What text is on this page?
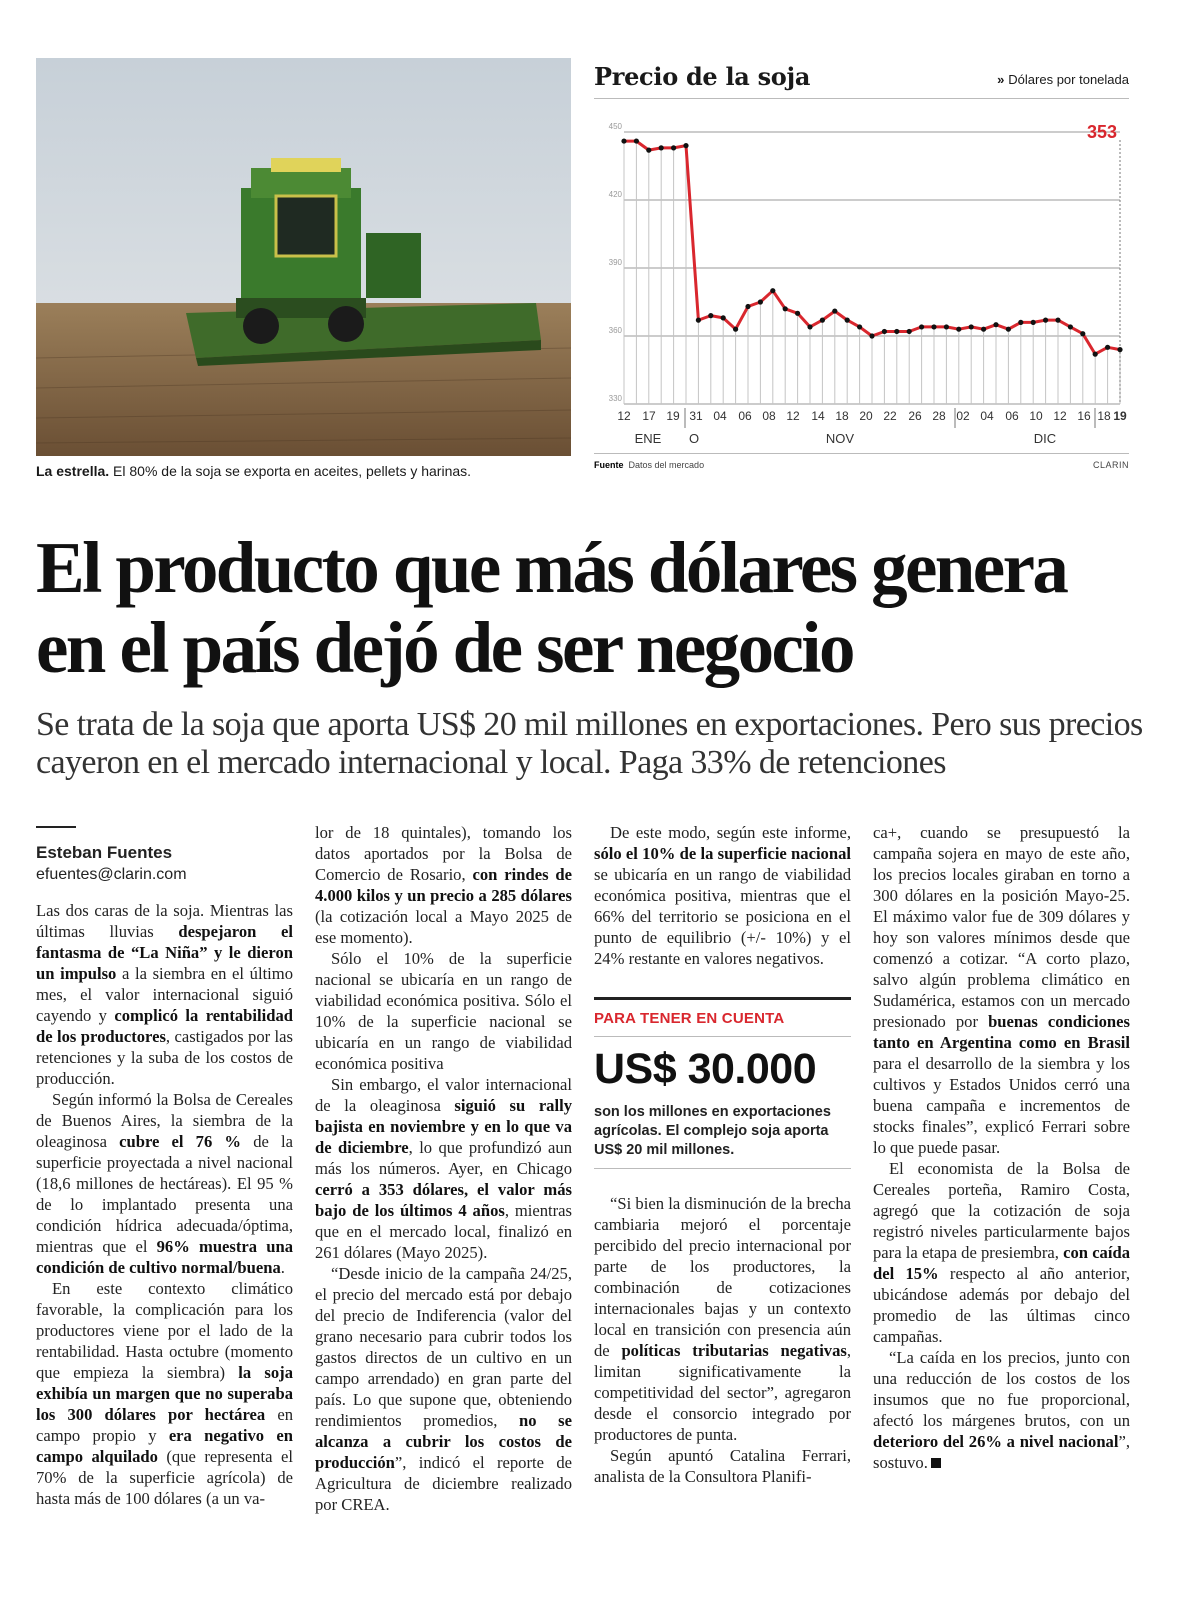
La estrella. El 80% de la soja se exporta en aceites, pellets y harinas.
Precio de la soja	» Dólares por tonelada
330
360
390
420
450
12 17 19 31 04 06 08 12 14 18 20 22 26 28 02 04 06 10 12 16 18 19
ENE O	NOV	DIC
353
Fuente Datos del mercado	CLARIN
El producto que más dólares genera
en el país dejó de ser negocio
Se trata de la soja que aporta US$ 20 mil millones en exportaciones. Pero sus precios cayeron en el mercado internacional y local. Paga 33% de retenciones
Esteban Fuentes
efuentes@clarin.com

Las dos caras de la soja. Mientras las últimas lluvias despejaron el fantasma de “La Niña” y le dieron un impulso a la siembra en el último mes, el valor internacional siguió cayendo y complicó la rentabilidad de los productores, castigados por las retenciones y la suba de los costos de producción.

Según informó la Bolsa de Cereales de Buenos Aires, la siembra de la oleaginosa cubre el 76 % de la superficie proyectada a nivel nacional (18,6 millones de hectáreas). El 95 % de lo implantado presenta una condición hídrica adecuada/óptima, mientras que el 96% muestra una condición de cultivo normal/buena.

En este contexto climático favorable, la complicación para los productores viene por el lado de la rentabilidad. Hasta octubre (momento que empieza la siembra) la soja exhibía un margen que no superaba los 300 dólares por hectárea en campo propio y era negativo en campo alquilado (que representa el 70% de la superficie agrícola) de hasta más de 100 dólares (a un va-

lor de 18 quintales), tomando los datos aportados por la Bolsa de Comercio de Rosario, con rindes de 4.000 kilos y un precio a 285 dólares (la cotización local a Mayo 2025 de ese momento).

Sólo el 10% de la superficie nacional se ubicaría en un rango de viabilidad económica positiva. Sólo el 10% de la superficie nacional se ubicaría en un rango de viabilidad económica positiva

Sin embargo, el valor internacional de la oleaginosa siguió su rally bajista en noviembre y en lo que va de diciembre, lo que profundizó aun más los números. Ayer, en Chicago cerró a 353 dólares, el valor más bajo de los últimos 4 años, mientras que en el mercado local, finalizó en 261 dólares (Mayo 2025).

“Desde inicio de la campaña 24/25, el precio del mercado está por debajo del precio de Indiferencia (valor del grano necesario para cubrir todos los gastos directos de un cultivo en un campo arrendado) en gran parte del país. Lo que supone que, obteniendo rendimientos promedios, no se alcanza a cubrir los costos de producción”, indicó el reporte de Agricultura de diciembre realizado por CREA.

De este modo, según este informe, sólo el 10% de la superficie nacional se ubicaría en un rango de viabilidad económica positiva, mientras que el 66% del territorio se posiciona en el punto de equilibrio (+/- 10%) y el 24% restante en valores negativos.

PARA TENER EN CUENTA
US$ 30.000
son los millones en exportaciones agrícolas. El complejo soja aporta US$ 20 mil millones.

“Si bien la disminución de la brecha cambiaria mejoró el porcentaje percibido del precio internacional por parte de los productores, la combinación de cotizaciones internacionales bajas y un contexto local en transición con presencia aún de políticas tributarias negativas, limitan significativamente la competitividad del sector”, agregaron desde el consorcio integrado por productores de punta.

Según apuntó Catalina Ferrari, analista de la Consultora Planifi-

ca+, cuando se presupuestó la campaña sojera en mayo de este año, los precios locales giraban en torno a 300 dólares en la posición Mayo-25. El máximo valor fue de 309 dólares y hoy son valores mínimos desde que comenzó a cotizar. “A corto plazo, salvo algún problema climático en Sudamérica, estamos con un mercado presionado por buenas condiciones tanto en Argentina como en Brasil para el desarrollo de la siembra y los cultivos y Estados Unidos cerró una buena campaña e incrementos de stocks finales”, explicó Ferrari sobre lo que puede pasar.

El economista de la Bolsa de Cereales porteña, Ramiro Costa, agregó que la cotización de soja registró niveles particularmente bajos para la etapa de presiembra, con caída del 15% respecto al año anterior, ubicándose además por debajo del promedio de las últimas cinco campañas.

“La caída en los precios, junto con una reducción de los costos de los insumos que no fue proporcional, afectó los márgenes brutos, con un deterioro del 26% a nivel nacional”, sostuvo.
